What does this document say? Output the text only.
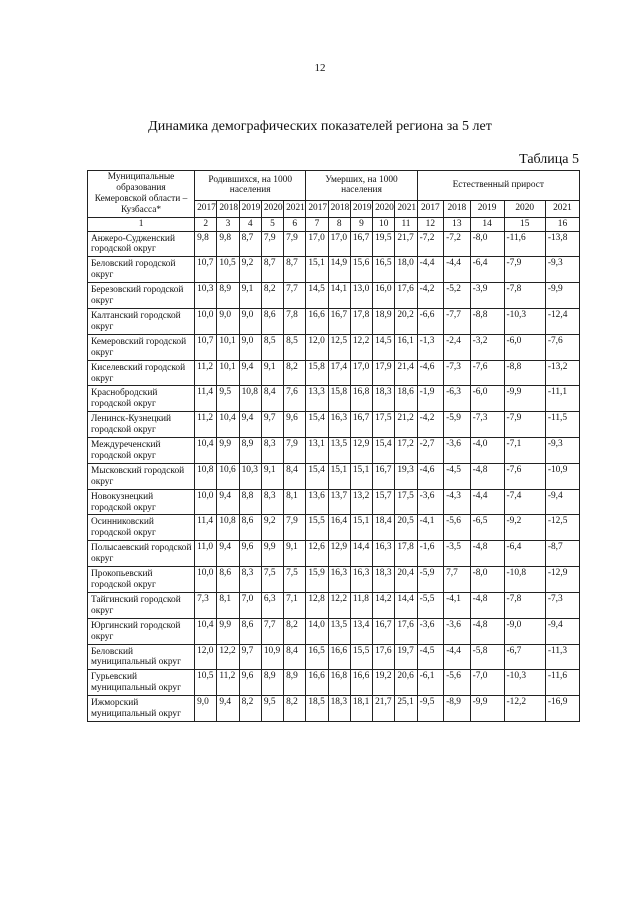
12
Динамика демографических показателей региона за 5 лет
Таблица 5
Муниципальные образования Кемеровской области – Кузбасса*	Родившихся, на 1000 населения					Умерших, на 1000 населения					Естественный прирост				
	2017	2018	2019	2020	2021	2017	2018	2019	2020	2021	2017	2018	2019	2020	2021
1	2	3	4	5	6	7	8	9	10	11	12	13	14	15	16
Анжеро-Судженский городской округ	9,8	9,8	8,7	7,9	7,9	17,0	17,0	16,7	19,5	21,7	-7,2	-7,2	-8,0	-11,6	-13,8
Беловский городской округ	10,7	10,5	9,2	8,7	8,7	15,1	14,9	15,6	16,5	18,0	-4,4	-4,4	-6,4	-7,9	-9,3
Березовский городской округ	10,3	8,9	9,1	8,2	7,7	14,5	14,1	13,0	16,0	17,6	-4,2	-5,2	-3,9	-7,8	-9,9
Калтанский городской округ	10,0	9,0	9,0	8,6	7,8	16,6	16,7	17,8	18,9	20,2	-6,6	-7,7	-8,8	-10,3	-12,4
Кемеровский городской округ	10,7	10,1	9,0	8,5	8,5	12,0	12,5	12,2	14,5	16,1	-1,3	-2,4	-3,2	-6,0	-7,6
Киселевский городской округ	11,2	10,1	9,4	9,1	8,2	15,8	17,4	17,0	17,9	21,4	-4,6	-7,3	-7,6	-8,8	-13,2
Краснобродский городской округ	11,4	9,5	10,8	8,4	7,6	13,3	15,8	16,8	18,3	18,6	-1,9	-6,3	-6,0	-9,9	-11,1
Ленинск-Кузнецкий городской округ	11,2	10,4	9,4	9,7	9,6	15,4	16,3	16,7	17,5	21,2	-4,2	-5,9	-7,3	-7,9	-11,5
Междуреченский городской округ	10,4	9,9	8,9	8,3	7,9	13,1	13,5	12,9	15,4	17,2	-2,7	-3,6	-4,0	-7,1	-9,3
Мысковский городской округ	10,8	10,6	10,3	9,1	8,4	15,4	15,1	15,1	16,7	19,3	-4,6	-4,5	-4,8	-7,6	-10,9
Новокузнецкий городской округ	10,0	9,4	8,8	8,3	8,1	13,6	13,7	13,2	15,7	17,5	-3,6	-4,3	-4,4	-7,4	-9,4
Осинниковский городской округ	11,4	10,8	8,6	9,2	7,9	15,5	16,4	15,1	18,4	20,5	-4,1	-5,6	-6,5	-9,2	-12,5
Полысаевский городской округ	11,0	9,4	9,6	9,9	9,1	12,6	12,9	14,4	16,3	17,8	-1,6	-3,5	-4,8	-6,4	-8,7
Прокопьевский городской округ	10,0	8,6	8,3	7,5	7,5	15,9	16,3	16,3	18,3	20,4	-5,9	7,7	-8,0	-10,8	-12,9
Тайгинский городской округ	7,3	8,1	7,0	6,3	7,1	12,8	12,2	11,8	14,2	14,4	-5,5	-4,1	-4,8	-7,8	-7,3
Юргинский городской округ	10,4	9,9	8,6	7,7	8,2	14,0	13,5	13,4	16,7	17,6	-3,6	-3,6	-4,8	-9,0	-9,4
Беловский муниципальный округ	12,0	12,2	9,7	10,9	8,4	16,5	16,6	15,5	17,6	19,7	-4,5	-4,4	-5,8	-6,7	-11,3
Гурьевский муниципальный округ	10,5	11,2	9,6	8,9	8,9	16,6	16,8	16,6	19,2	20,6	-6,1	-5,6	-7,0	-10,3	-11,6
Ижморский муниципальный округ	9,0	9,4	8,2	9,5	8,2	18,5	18,3	18,1	21,7	25,1	-9,5	-8,9	-9,9	-12,2	-16,9
